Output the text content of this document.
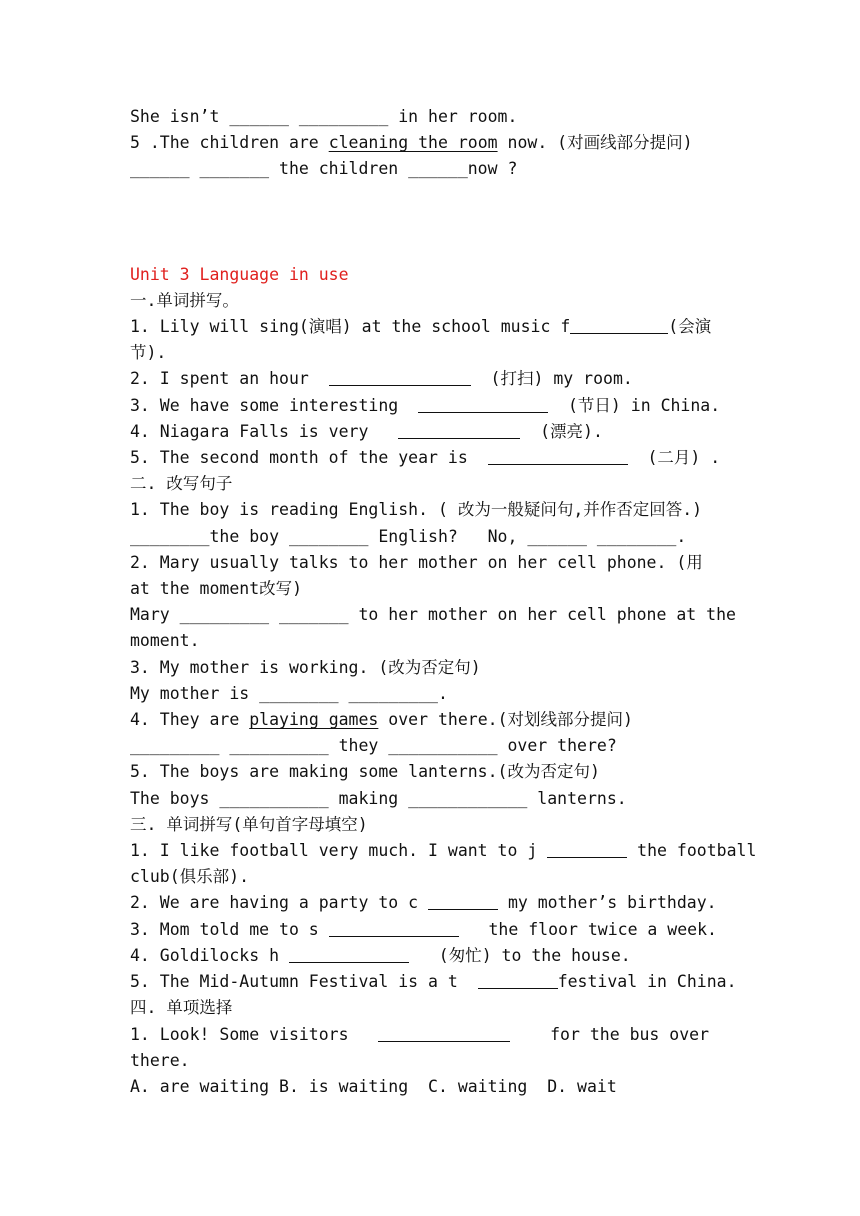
She isn’t ______ _________ in her room.
5 .The children are cleaning the room now. (对画线部分提问)
______ _______ the children ______now ?
Unit 3 Language in use
一.单词拼写。
1. Lily will sing(演唱) at the school music f	(会演
节).
2. I spent an hour	(打扫) my room.
3. We have some interesting	(节日) in China.
4. Niagara Falls is very	(漂亮).
5. The second month of the year is	(二月) .
二. 改写句子
1. The boy is reading English. ( 改为一般疑问句,并作否定回答.)
________the boy ________ English?   No, ______ ________.
2. Mary usually talks to her mother on her cell phone. (用
at the moment改写)
Mary _________ _______ to her mother on her cell phone at the
moment.
3. My mother is working. (改为否定句)
My mother is ________ _________.
4. They are playing games over there.(对划线部分提问)
_________ __________ they ___________ over there?
5. The boys are making some lanterns.(改为否定句)
The boys ___________ making ____________ lanterns.
三. 单词拼写(单句首字母填空)
1. I like football very much. I want to j	the football
club(俱乐部).
2. We are having a party to c	my mother’s birthday.
3. Mom told me to s	the floor twice a week.
4. Goldilocks h	(匆忙) to the house.
5. The Mid-Autumn Festival is a t	festival in China.
四. 单项选择
1. Look! Some visitors	for the bus over
there.
A. are waiting B. is waiting  C. waiting  D. wait
